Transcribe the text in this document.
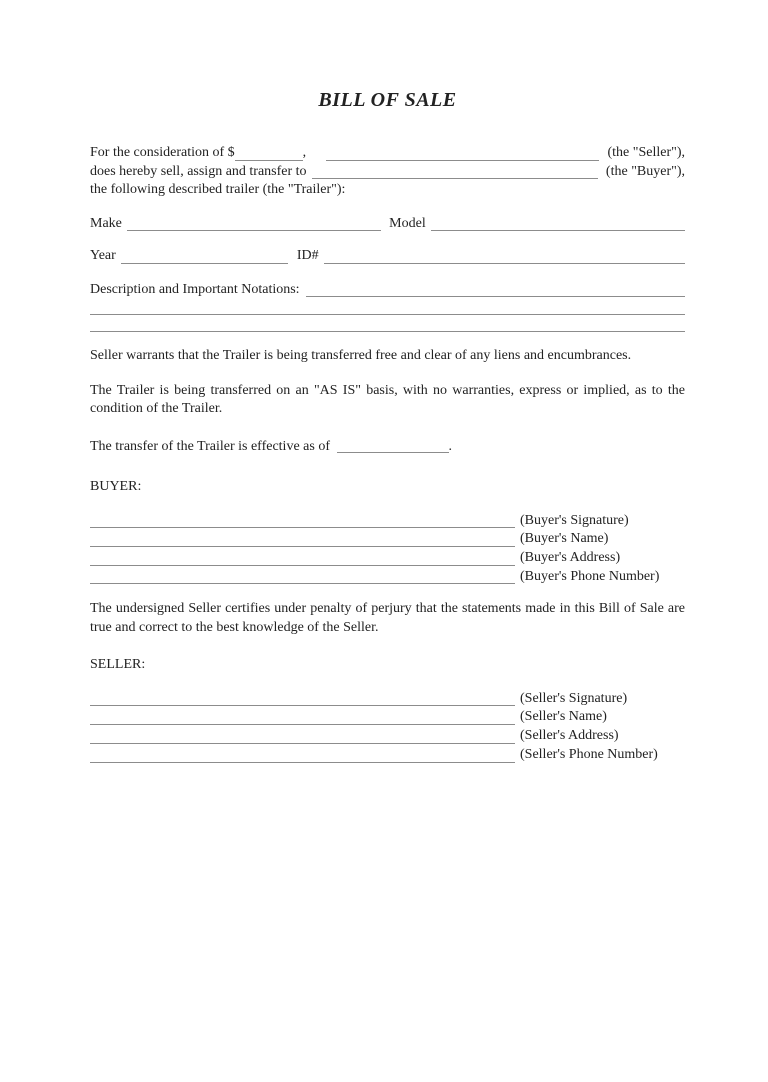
BILL OF SALE
For the consideration of $	,	(the "Seller"),
does hereby sell, assign and transfer to	(the "Buyer"),
the following described trailer (the "Trailer"):
Make	Model
Year	ID#
Description and Important Notations:
Seller warrants that the Trailer is being transferred free and clear of any liens and encumbrances.
The Trailer is being transferred on an "AS IS" basis, with no warranties, express or implied, as to the condition of the Trailer.
The transfer of the Trailer is effective as of	.
BUYER:
(Buyer's Signature)
(Buyer's Name)
(Buyer's Address)
(Buyer's Phone Number)
The undersigned Seller certifies under penalty of perjury that the statements made in this Bill of Sale are true and correct to the best knowledge of the Seller.
SELLER:
(Seller's Signature)
(Seller's Name)
(Seller's Address)
(Seller's Phone Number)
